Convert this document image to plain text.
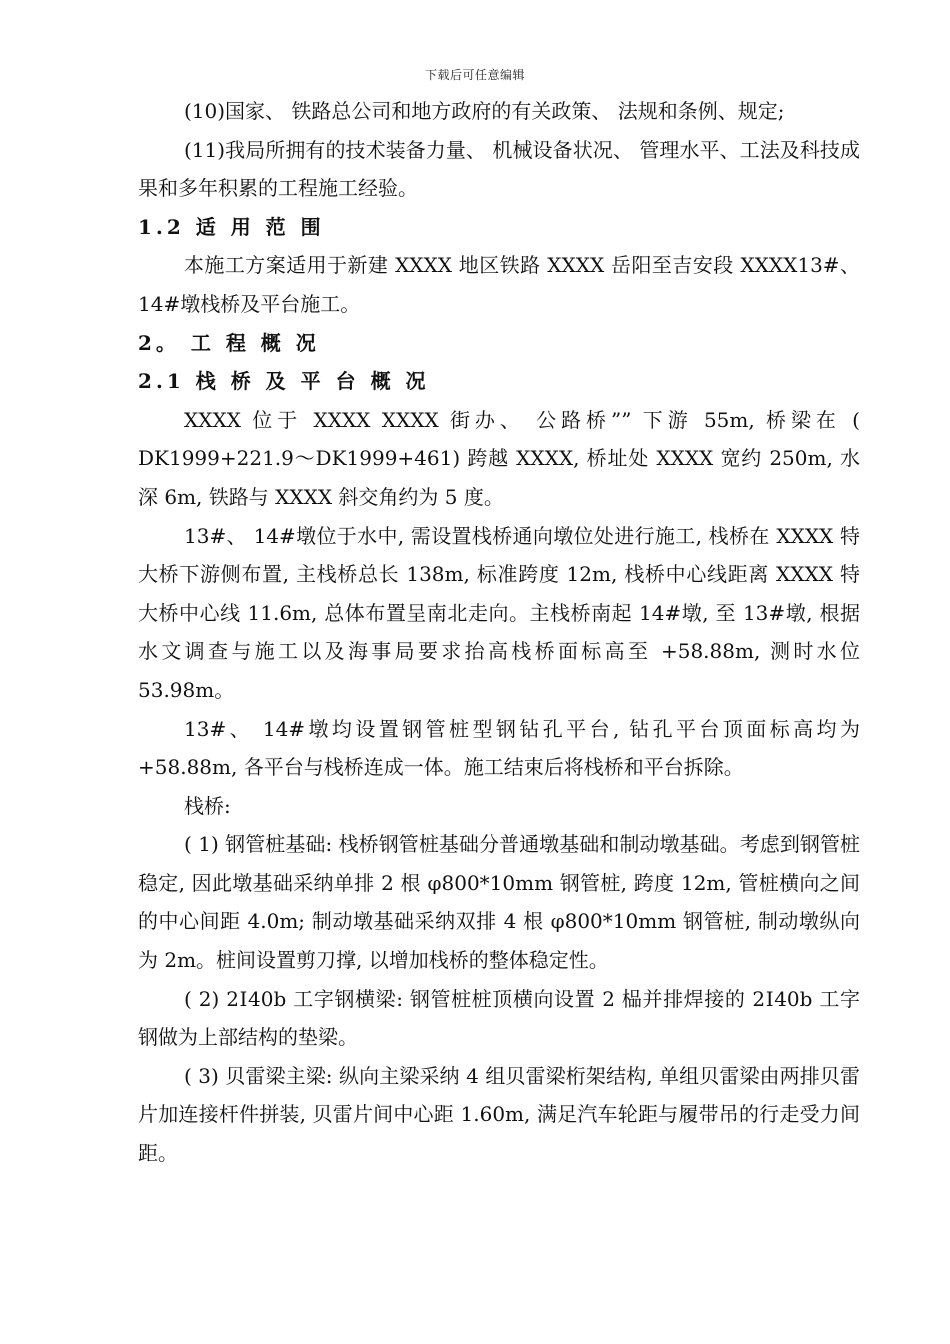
下载后可任意编辑

(10)国家、 铁路总公司和地方政府的有关政策、 法规和条例、规定;

(11)我局所拥有的技术装备力量、 机械设备状况、 管理水平、工法及科技成果和多年积累的工程施工经验。

1.2 适 用 范 围

本施工方案适用于新建 XXXX 地区铁路 XXXX 岳阳至吉安段 XXXX13#、 14#墩栈桥及平台施工。

2。 工 程 概 况

2.1 栈 桥 及 平 台 概 况

XXXX 位于 XXXX XXXX 街办、 公路桥”” 下游 55m, 桥梁在 ( DK1999+221.9～DK1999+461) 跨越 XXXX, 桥址处 XXXX 宽约 250m, 水深 6m, 铁路与 XXXX 斜交角约为 5 度。

13#、 14#墩位于水中, 需设置栈桥通向墩位处进行施工, 栈桥在 XXXX 特大桥下游侧布置, 主栈桥总长 138m, 标准跨度 12m, 栈桥中心线距离 XXXX 特大桥中心线 11.6m, 总体布置呈南北走向。主栈桥南起 14#墩, 至 13#墩, 根据水文调查与施工以及海事局要求抬高栈桥面标高至 +58.88m, 测时水位 53.98m。

13#、 14#墩均设置钢管桩型钢钻孔平台, 钻孔平台顶面标高均为 +58.88m, 各平台与栈桥连成一体。施工结束后将栈桥和平台拆除。

栈桥:

( 1) 钢管桩基础: 栈桥钢管桩基础分普通墩基础和制动墩基础。考虑到钢管桩稳定, 因此墩基础采纳单排 2 根 φ800*10mm 钢管桩, 跨度 12m, 管桩横向之间的中心间距 4.0m; 制动墩基础采纳双排 4 根 φ800*10mm 钢管桩, 制动墩纵向为 2m。桩间设置剪刀撑, 以增加栈桥的整体稳定性。

( 2) 2Ⅰ40b 工字钢横梁: 钢管桩桩顶横向设置 2 榀并排焊接的 2Ⅰ40b 工字钢做为上部结构的垫梁。

( 3) 贝雷梁主梁: 纵向主梁采纳 4 组贝雷梁桁架结构, 单组贝雷梁由两排贝雷片加连接杆件拼装, 贝雷片间中心距 1.60m, 满足汽车轮距与履带吊的行走受力间距。
